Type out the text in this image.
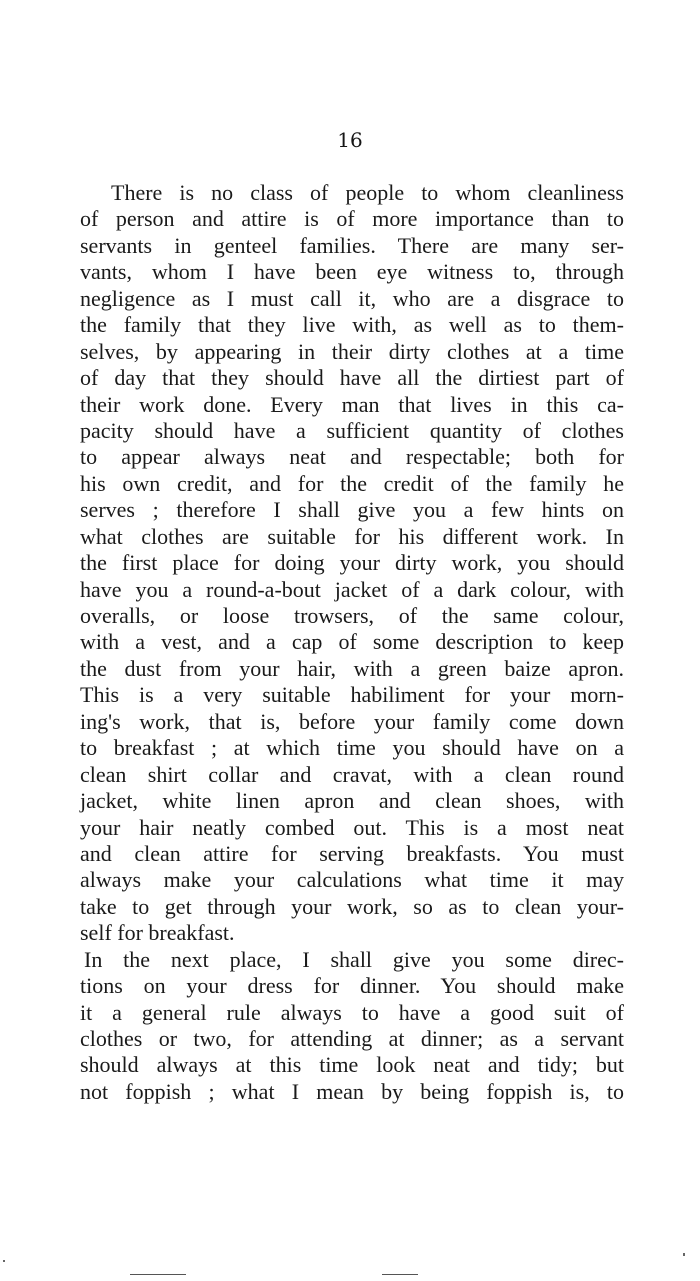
16
There is no class of people to whom cleanliness
of person and attire is of more importance than to
servants in genteel families. There are many ser-
vants, whom I have been eye witness to, through
negligence as I must call it, who are a disgrace to
the family that they live with, as well as to them-
selves, by appearing in their dirty clothes at a time
of day that they should have all the dirtiest part of
their work done. Every man that lives in this ca-
pacity should have a sufficient quantity of clothes
to appear always neat and respectable; both for
his own credit, and for the credit of the family he
serves ; therefore I shall give you a few hints on
what clothes are suitable for his different work. In
the first place for doing your dirty work, you should
have you a round-a-bout jacket of a dark colour, with
overalls, or loose trowsers, of the same colour,
with a vest, and a cap of some description to keep
the dust from your hair, with a green baize apron.
This is a very suitable habiliment for your morn-
ing's work, that is, before your family come down
to breakfast ; at which time you should have on a
clean shirt collar and cravat, with a clean round
jacket, white linen apron and clean shoes, with
your hair neatly combed out. This is a most neat
and clean attire for serving breakfasts. You must
always make your calculations what time it may
take to get through your work, so as to clean your-
self for breakfast.
In the next place, I shall give you some direc-
tions on your dress for dinner. You should make
it a general rule always to have a good suit of
clothes or two, for attending at dinner; as a servant
should always at this time look neat and tidy; but
not foppish ; what I mean by being foppish is, to
